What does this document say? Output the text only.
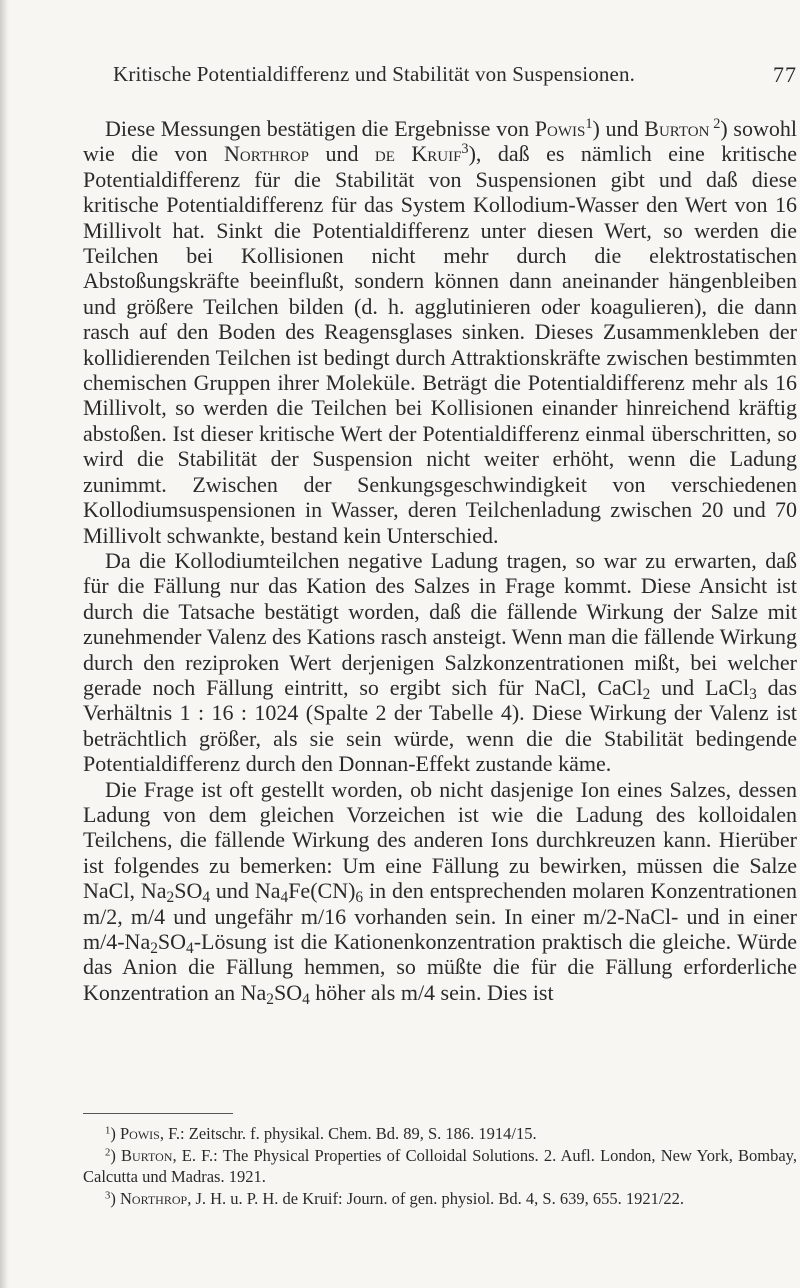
Kritische Potentialdifferenz und Stabilität von Suspensionen.	77

Diese Messungen bestätigen die Ergebnisse von Powis$^1$) und Burton $^2$) sowohl wie die von Northrop und de Kruif$^3$), daß es nämlich eine kritische Potentialdifferenz für die Stabilität von Suspensionen gibt und daß diese kritische Potentialdifferenz für das System Kollodium-Wasser den Wert von 16 Millivolt hat. Sinkt die Potentialdifferenz unter diesen Wert, so werden die Teilchen bei Kollisionen nicht mehr durch die elektrostatischen Abstoßungskräfte beeinflußt, sondern können dann aneinander hängenbleiben und größere Teilchen bilden (d. h. agglutinieren oder koagulieren), die dann rasch auf den Boden des Reagensglases sinken. Dieses Zusammenkleben der kollidierenden Teilchen ist bedingt durch Attraktionskräfte zwischen bestimmten chemischen Gruppen ihrer Moleküle. Beträgt die Potentialdifferenz mehr als 16 Millivolt, so werden die Teilchen bei Kollisionen einander hinreichend kräftig abstoßen. Ist dieser kritische Wert der Potentialdifferenz einmal überschritten, so wird die Stabilität der Suspension nicht weiter erhöht, wenn die Ladung zunimmt. Zwischen der Senkungsgeschwindigkeit von verschiedenen Kollodiumsuspensionen in Wasser, deren Teilchenladung zwischen 20 und 70 Millivolt schwankte, bestand kein Unterschied.

Da die Kollodiumteilchen negative Ladung tragen, so war zu erwarten, daß für die Fällung nur das Kation des Salzes in Frage kommt. Diese Ansicht ist durch die Tatsache bestätigt worden, daß die fällende Wirkung der Salze mit zunehmender Valenz des Kations rasch ansteigt. Wenn man die fällende Wirkung durch den reziproken Wert derjenigen Salzkonzentrationen mißt, bei welcher gerade noch Fällung eintritt, so ergibt sich für NaCl, CaCl$_2$ und LaCl$_3$ das Verhältnis 1 : 16 : 1024 (Spalte 2 der Tabelle 4). Diese Wirkung der Valenz ist beträchtlich größer, als sie sein würde, wenn die die Stabilität bedingende Potentialdifferenz durch den Donnan-Effekt zustande käme.

Die Frage ist oft gestellt worden, ob nicht dasjenige Ion eines Salzes, dessen Ladung von dem gleichen Vorzeichen ist wie die Ladung des kolloidalen Teilchens, die fällende Wirkung des anderen Ions durchkreuzen kann. Hierüber ist folgendes zu bemerken: Um eine Fällung zu bewirken, müssen die Salze NaCl, $Na_2SO_4$ und $Na_4Fe(CN)_6$ in den entsprechenden molaren Konzentrationen m/2, m/4 und ungefähr m/16 vorhanden sein. In einer m/2-NaCl- und in einer $m/4-Na_2SO_4$-Lösung ist die Kationenkonzentration praktisch die gleiche. Würde das Anion die Fällung hemmen, so müßte die für die Fällung erforderliche Konzentration an $Na_2SO_4$ höher als m/4 sein. Dies ist

$^1$) Powis, F.: Zeitschr. f. physikal. Chem. Bd. 89, S. 186. 1914/15.

$^2$) Burton, E. F.: The Physical Properties of Colloidal Solutions. 2. Aufl. London, New York, Bombay, Calcutta und Madras. 1921.

$^3$) Northrop, J. H. u. P. H. de Kruif: Journ. of gen. physiol. Bd. 4, S. 639, 655. 1921/22.
